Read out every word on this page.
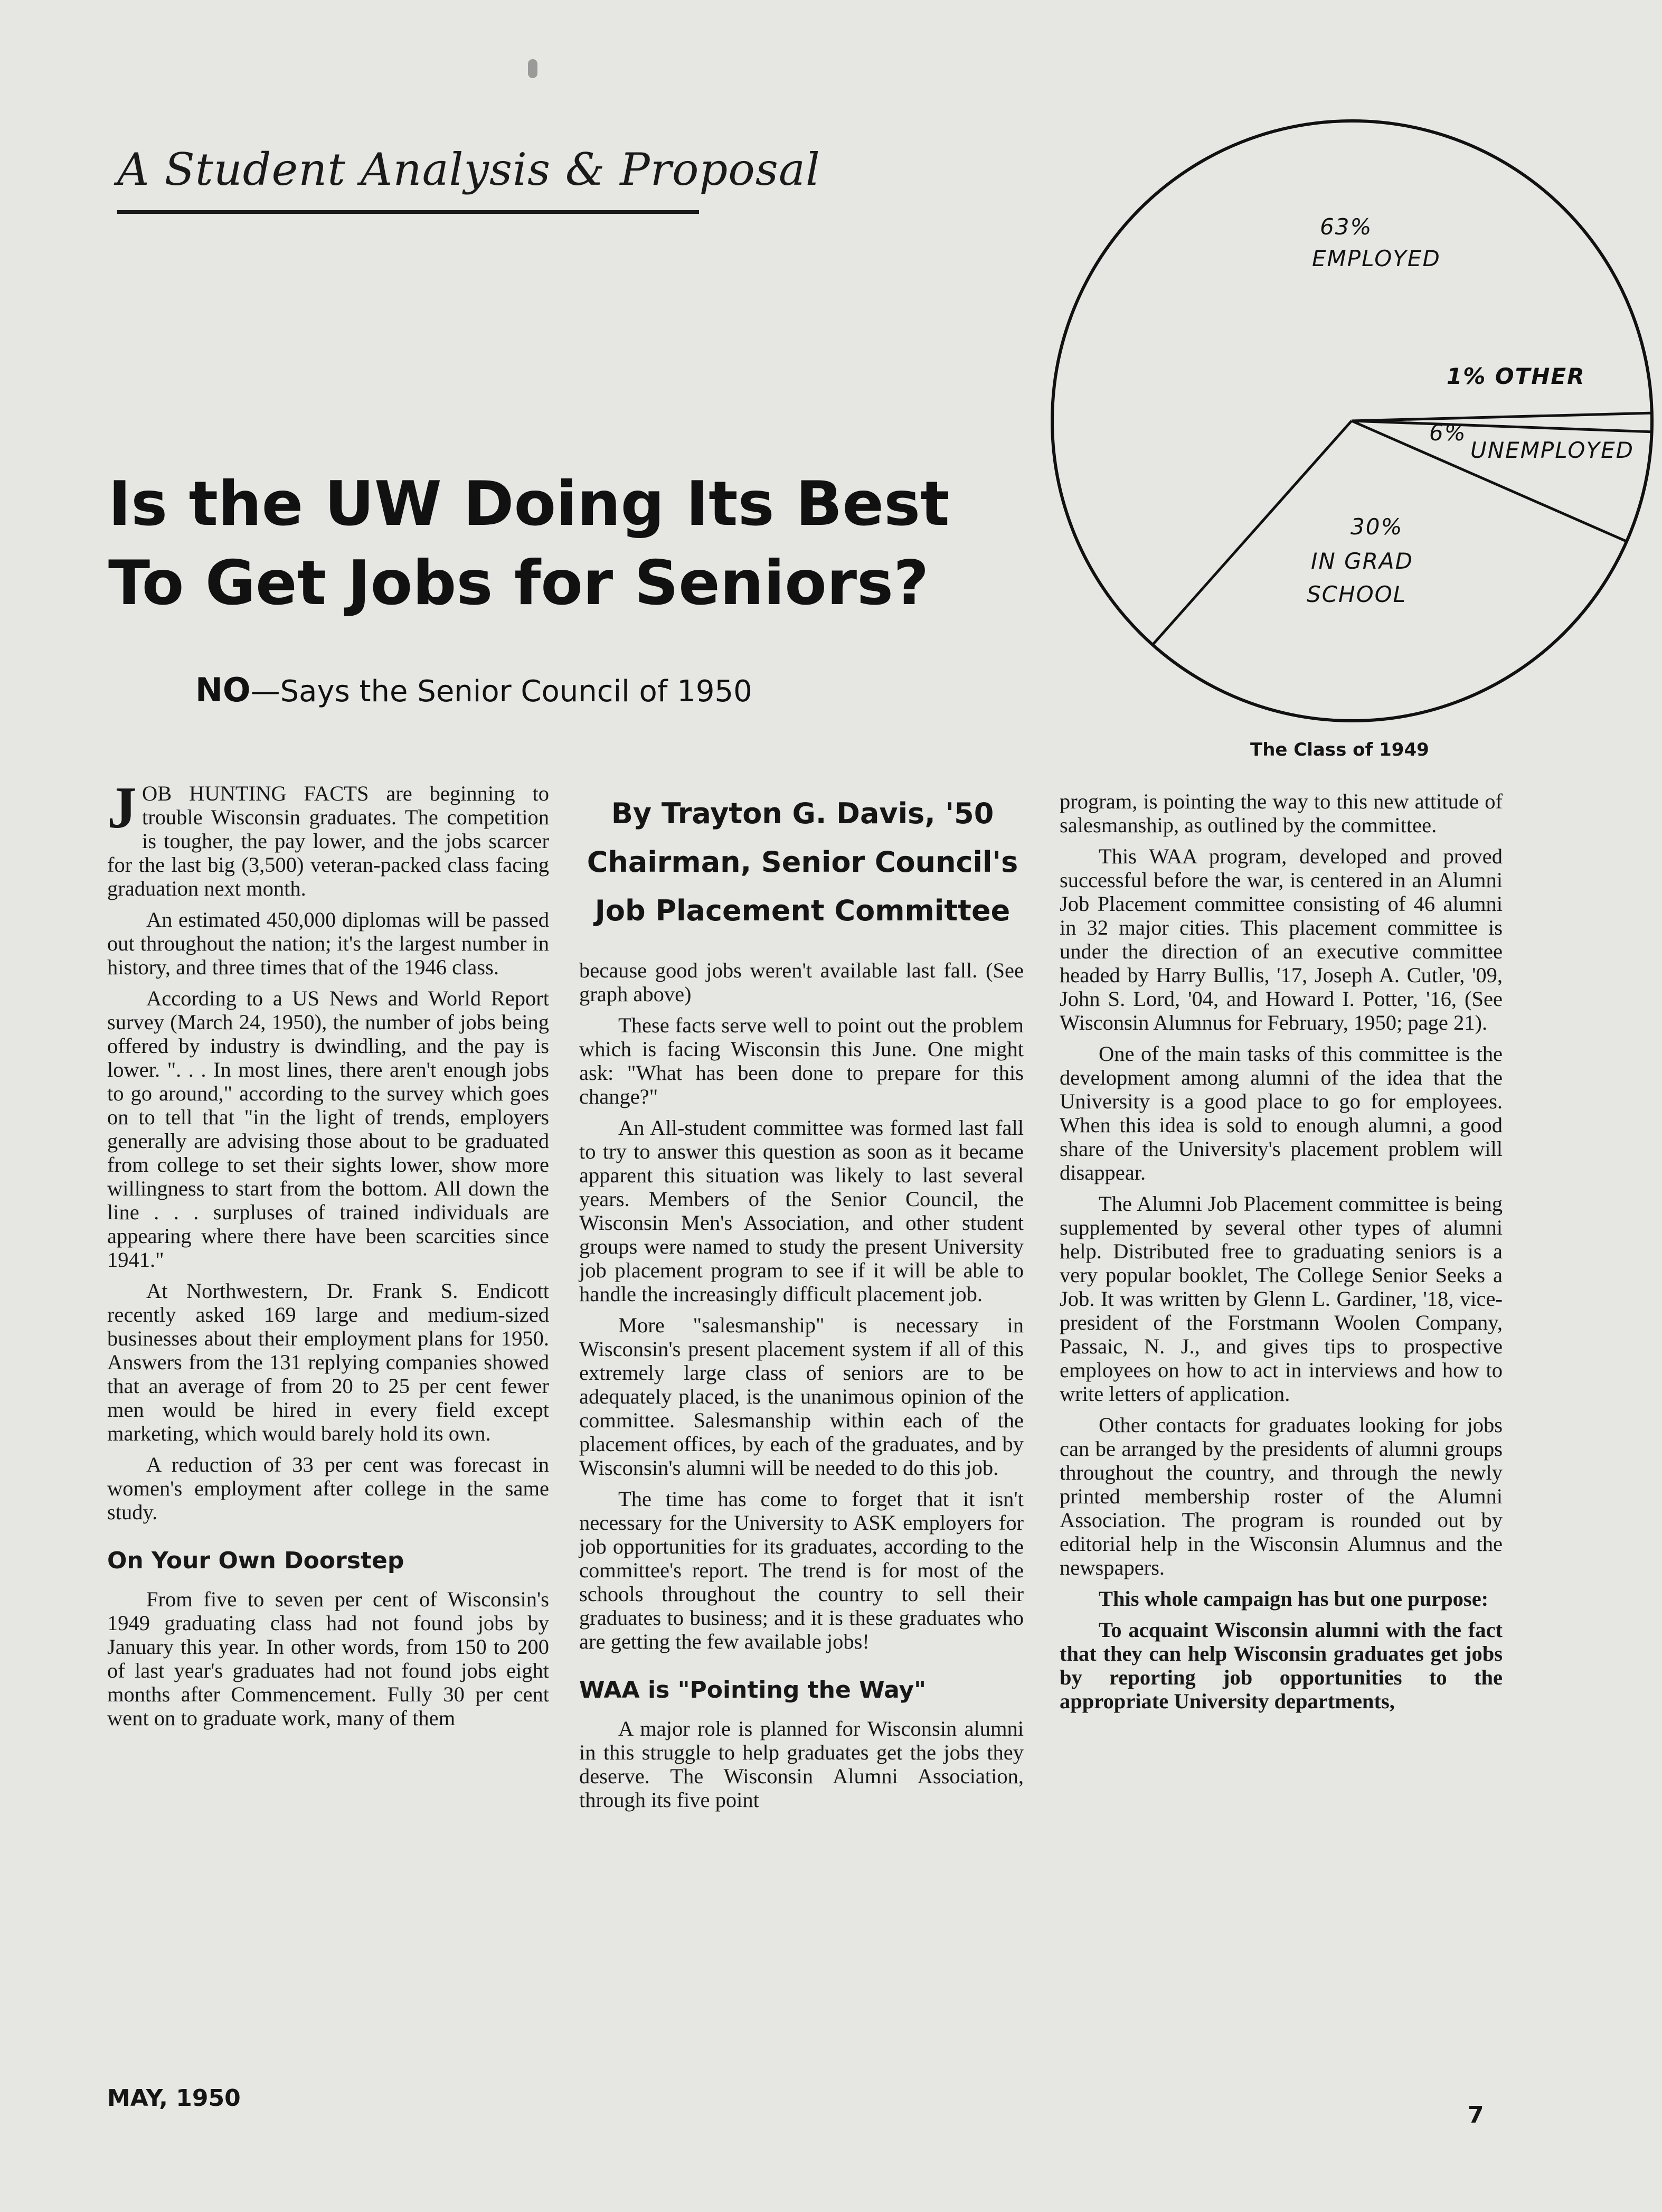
A Student Analysis & Proposal
Is the UW Doing Its Best
To Get Jobs for Seniors?
NO—Says the Senior Council of 1950
63%
EMPLOYED
1% OTHER
6%
UNEMPLOYED
30%
IN GRAD
SCHOOL
The Class of 1949

JOB HUNTING FACTS are beginning to trouble Wisconsin graduates. The competition is tougher, the pay lower, and the jobs scarcer for the last big (3,500) veteran-packed class facing graduation next month.

An estimated 450,000 diplomas will be passed out throughout the nation; it's the largest number in history, and three times that of the 1946 class.

According to a US News and World Report survey (March 24, 1950), the number of jobs being offered by industry is dwindling, and the pay is lower. ". . . In most lines, there aren't enough jobs to go around," according to the survey which goes on to tell that "in the light of trends, employers generally are advising those about to be graduated from college to set their sights lower, show more willingness to start from the bottom. All down the line . . . surpluses of trained individuals are appearing where there have been scarcities since 1941."

At Northwestern, Dr. Frank S. Endicott recently asked 169 large and medium-sized businesses about their employment plans for 1950. Answers from the 131 replying companies showed that an average of from 20 to 25 per cent fewer men would be hired in every field except marketing, which would barely hold its own.

A reduction of 33 per cent was forecast in women's employment after college in the same study.

On Your Own Doorstep

From five to seven per cent of Wisconsin's 1949 graduating class had not found jobs by January this year. In other words, from 150 to 200 of last year's graduates had not found jobs eight months after Commencement. Fully 30 per cent went on to graduate work, many of them

By Trayton G. Davis, '50
Chairman, Senior Council's
Job Placement Committee

because good jobs weren't available last fall. (See graph above)

These facts serve well to point out the problem which is facing Wisconsin this June. One might ask: "What has been done to prepare for this change?"

An All-student committee was formed last fall to try to answer this question as soon as it became apparent this situation was likely to last several years. Members of the Senior Council, the Wisconsin Men's Association, and other student groups were named to study the present University job placement program to see if it will be able to handle the increasingly difficult placement job.

More "salesmanship" is necessary in Wisconsin's present placement system if all of this extremely large class of seniors are to be adequately placed, is the unanimous opinion of the committee. Salesmanship within each of the placement offices, by each of the graduates, and by Wisconsin's alumni will be needed to do this job.

The time has come to forget that it isn't necessary for the University to ASK employers for job opportunities for its graduates, according to the committee's report. The trend is for most of the schools throughout the country to sell their graduates to business; and it is these graduates who are getting the few available jobs!

WAA is "Pointing the Way"

A major role is planned for Wisconsin alumni in this struggle to help graduates get the jobs they deserve. The Wisconsin Alumni Association, through its five point

program, is pointing the way to this new attitude of salesmanship, as outlined by the committee.

This WAA program, developed and proved successful before the war, is centered in an Alumni Job Placement committee consisting of 46 alumni in 32 major cities. This placement committee is under the direction of an executive committee headed by Harry Bullis, '17, Joseph A. Cutler, '09, John S. Lord, '04, and Howard I. Potter, '16, (See Wisconsin Alumnus for February, 1950; page 21).

One of the main tasks of this committee is the development among alumni of the idea that the University is a good place to go for employees. When this idea is sold to enough alumni, a good share of the University's placement problem will disappear.

The Alumni Job Placement committee is being supplemented by several other types of alumni help. Distributed free to graduating seniors is a very popular booklet, The College Senior Seeks a Job. It was written by Glenn L. Gardiner, '18, vice-president of the Forstmann Woolen Company, Passaic, N. J., and gives tips to prospective employees on how to act in interviews and how to write letters of application.

Other contacts for graduates looking for jobs can be arranged by the presidents of alumni groups throughout the country, and through the newly printed membership roster of the Alumni Association. The program is rounded out by editorial help in the Wisconsin Alumnus and the newspapers.

This whole campaign has but one purpose:

To acquaint Wisconsin alumni with the fact that they can help Wisconsin graduates get jobs by reporting job opportunities to the appropriate University departments,

MAY, 1950
7
